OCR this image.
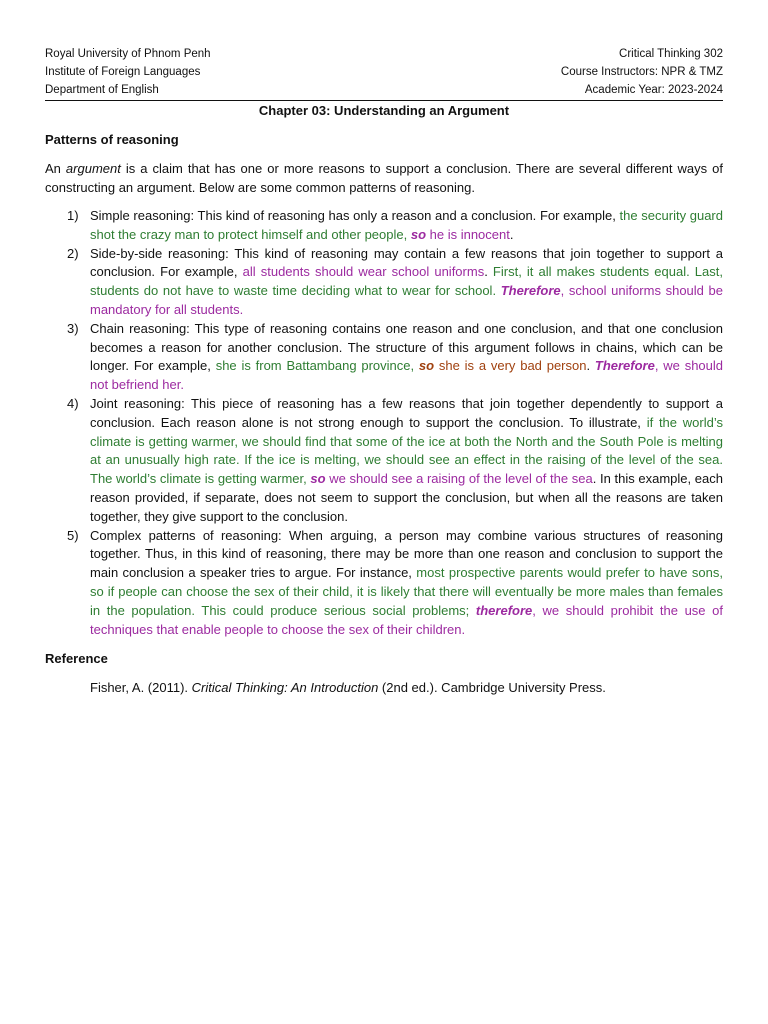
Royal University of Phnom Penh
Institute of Foreign Languages
Department of English
Critical Thinking 302
Course Instructors: NPR & TMZ
Academic Year: 2023-2024
Chapter 03: Understanding an Argument
Patterns of reasoning

An argument is a claim that has one or more reasons to support a conclusion. There are several different ways of constructing an argument. Below are some common patterns of reasoning.

1) Simple reasoning: This kind of reasoning has only a reason and a conclusion. For example, the security guard shot the crazy man to protect himself and other people, so he is innocent.
2) Side-by-side reasoning: This kind of reasoning may contain a few reasons that join together to support a conclusion. For example, all students should wear school uniforms. First, it all makes students equal. Last, students do not have to waste time deciding what to wear for school. Therefore, school uniforms should be mandatory for all students.
3) Chain reasoning: This type of reasoning contains one reason and one conclusion, and that one conclusion becomes a reason for another conclusion. The structure of this argument follows in chains, which can be longer. For example, she is from Battambang province, so she is a very bad person. Therefore, we should not befriend her.
4) Joint reasoning: This piece of reasoning has a few reasons that join together dependently to support a conclusion. Each reason alone is not strong enough to support the conclusion. To illustrate, if the world’s climate is getting warmer, we should find that some of the ice at both the North and the South Pole is melting at an unusually high rate. If the ice is melting, we should see an effect in the raising of the level of the sea. The world’s climate is getting warmer, so we should see a raising of the level of the sea. In this example, each reason provided, if separate, does not seem to support the conclusion, but when all the reasons are taken together, they give support to the conclusion.
5) Complex patterns of reasoning: When arguing, a person may combine various structures of reasoning together. Thus, in this kind of reasoning, there may be more than one reason and conclusion to support the main conclusion a speaker tries to argue. For instance, most prospective parents would prefer to have sons, so if people can choose the sex of their child, it is likely that there will eventually be more males than females in the population. This could produce serious social problems; therefore, we should prohibit the use of techniques that enable people to choose the sex of their children.
Reference
Fisher, A. (2011). Critical Thinking: An Introduction (2nd ed.). Cambridge University Press.
